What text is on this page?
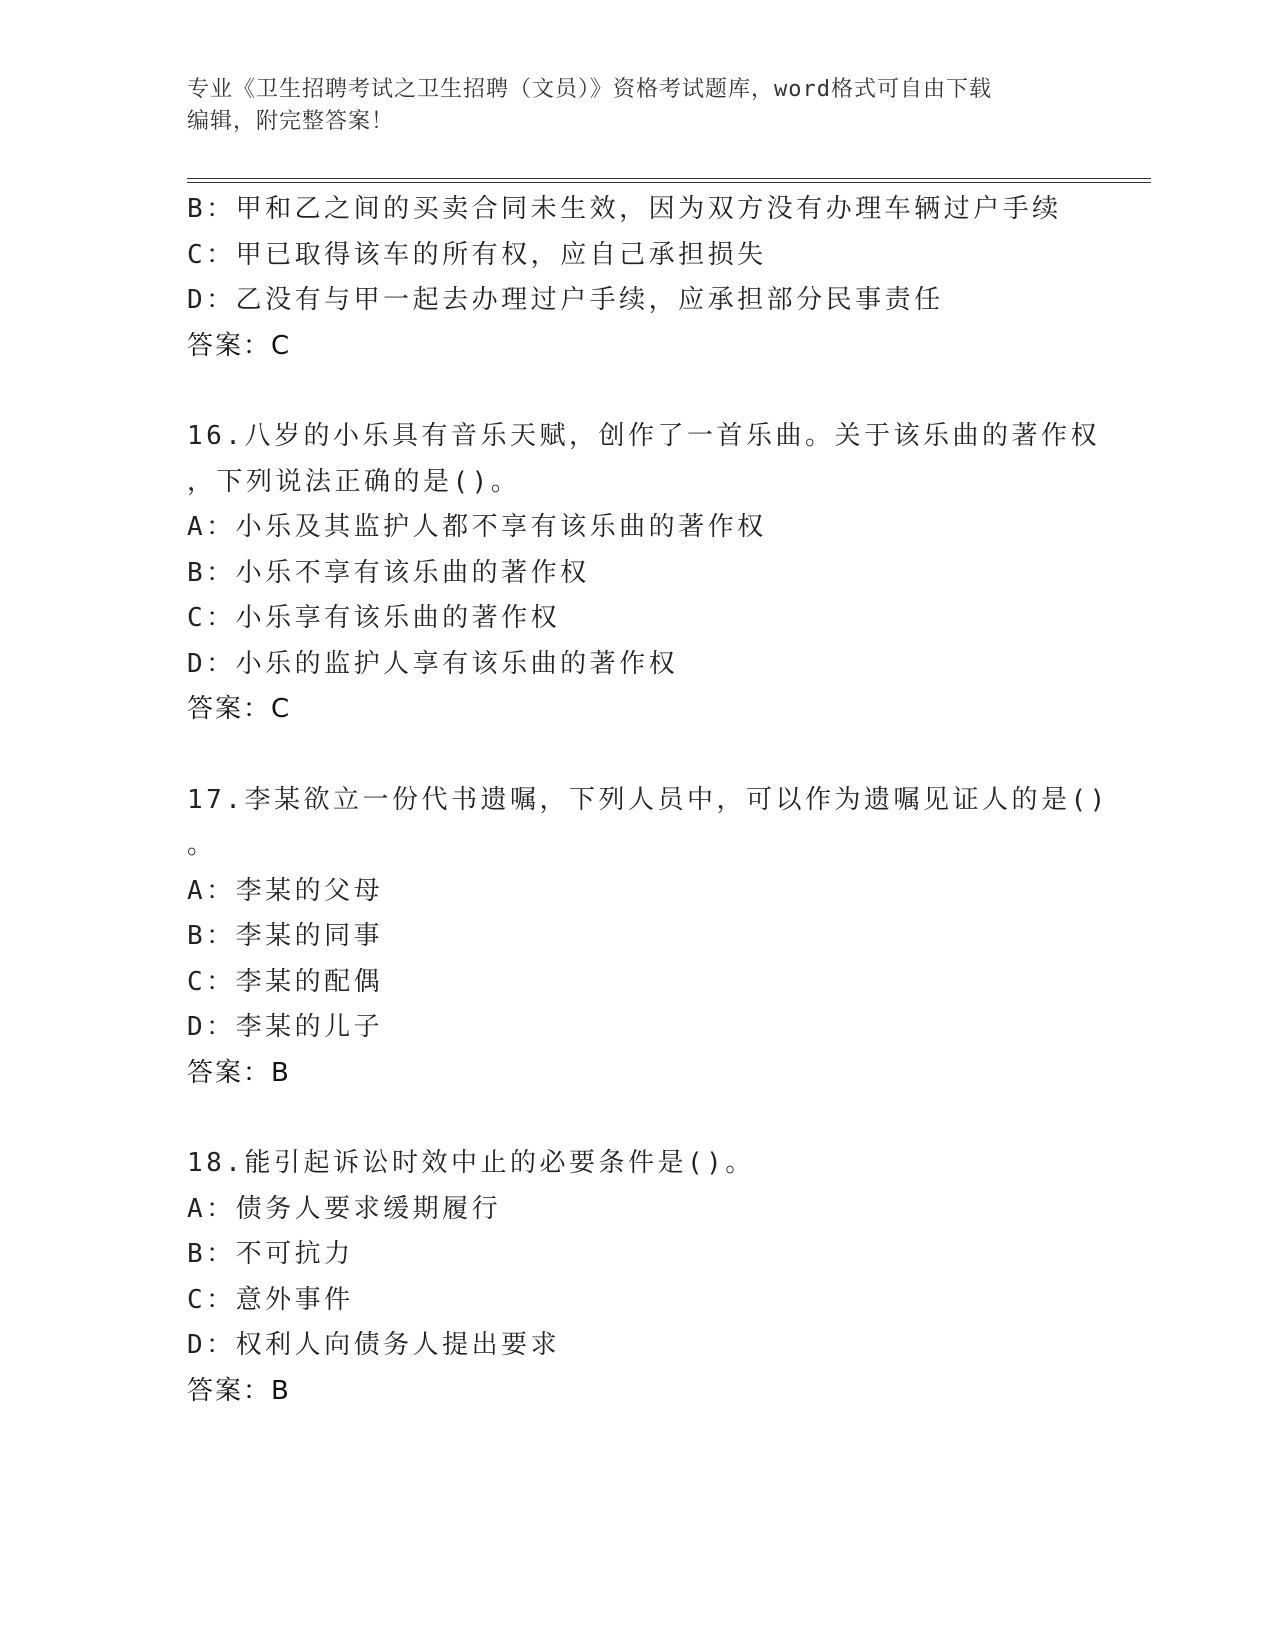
专业《卫生招聘考试之卫生招聘（文员）》资格考试题库，word格式可自由下载
编辑，附完整答案！
B：甲和乙之间的买卖合同未生效，因为双方没有办理车辆过户手续
C：甲已取得该车的所有权，应自己承担损失
D：乙没有与甲一起去办理过户手续，应承担部分民事责任
答案：C
16.八岁的小乐具有音乐天赋，创作了一首乐曲。关于该乐曲的著作权
，下列说法正确的是()。
A：小乐及其监护人都不享有该乐曲的著作权
B：小乐不享有该乐曲的著作权
C：小乐享有该乐曲的著作权
D：小乐的监护人享有该乐曲的著作权
答案：C
17.李某欲立一份代书遗嘱，下列人员中，可以作为遗嘱见证人的是()
。
A：李某的父母
B：李某的同事
C：李某的配偶
D：李某的儿子
答案：B
18.能引起诉讼时效中止的必要条件是()。
A：债务人要求缓期履行
B：不可抗力
C：意外事件
D：权利人向债务人提出要求
答案：B
